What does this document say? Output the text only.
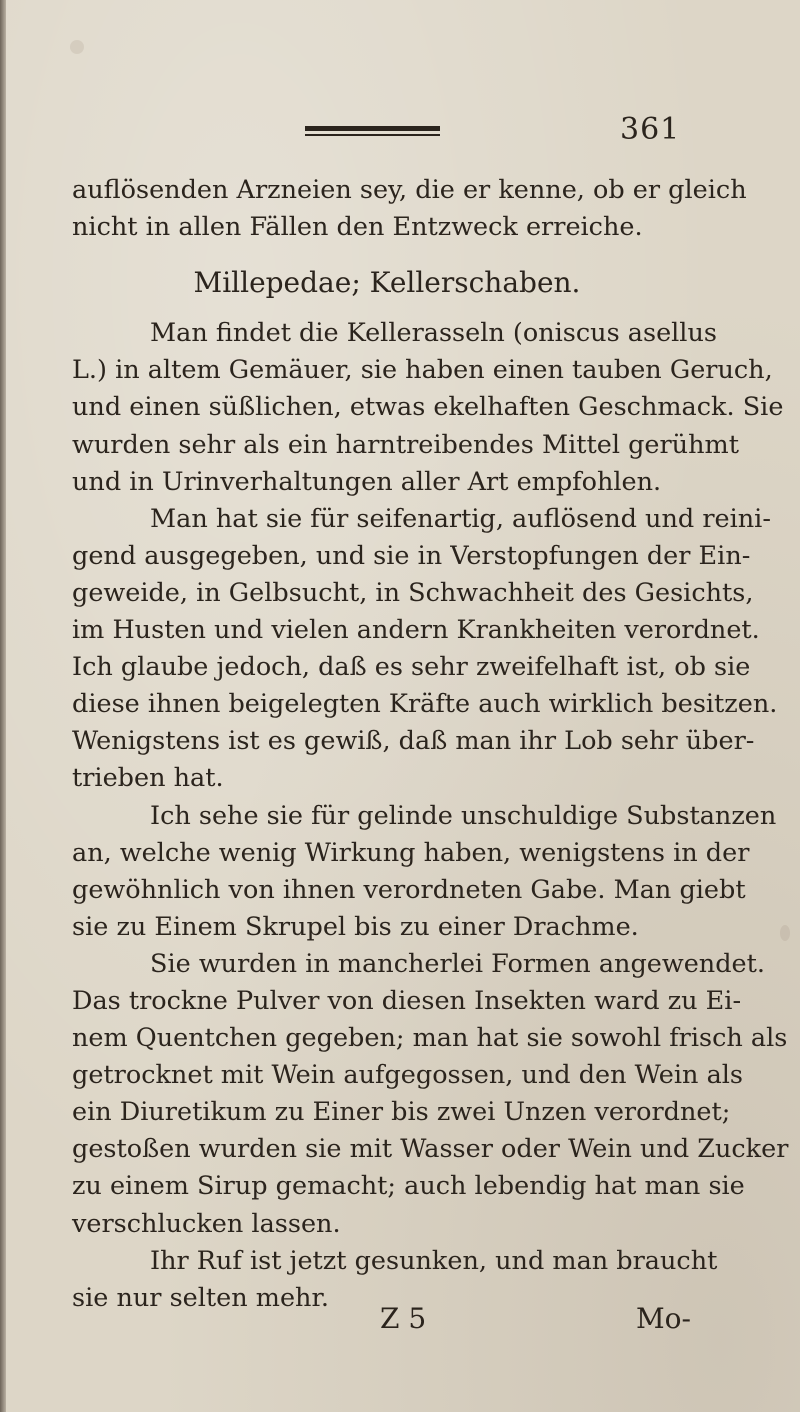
361
auflösenden Arzneien sey, die er kenne, ob er gleich
nicht in allen Fällen den Entzweck erreiche.
Millepedae; Kellerschaben.
Man findet die Kellerasseln (oniscus asellus
L.) in altem Gemäuer, sie haben einen tauben Geruch,
und einen süßlichen, etwas ekelhaften Geschmack. Sie
wurden sehr als ein harntreibendes Mittel gerühmt
und in Urinverhaltungen aller Art empfohlen.
Man hat sie für seifenartig, auflösend und reini-
gend ausgegeben, und sie in Verstopfungen der Ein-
geweide, in Gelbsucht, in Schwachheit des Gesichts,
im Husten und vielen andern Krankheiten verordnet.
Ich glaube jedoch, daß es sehr zweifelhaft ist, ob sie
diese ihnen beigelegten Kräfte auch wirklich besitzen.
Wenigstens ist es gewiß, daß man ihr Lob sehr über-
trieben hat.
Ich sehe sie für gelinde unschuldige Substanzen
an, welche wenig Wirkung haben, wenigstens in der
gewöhnlich von ihnen verordneten Gabe. Man giebt
sie zu Einem Skrupel bis zu einer Drachme.
Sie wurden in mancherlei Formen angewendet.
Das trockne Pulver von diesen Insekten ward zu Ei-
nem Quentchen gegeben; man hat sie sowohl frisch als
getrocknet mit Wein aufgegossen, und den Wein als
ein Diuretikum zu Einer bis zwei Unzen verordnet;
gestoßen wurden sie mit Wasser oder Wein und Zucker
zu einem Sirup gemacht; auch lebendig hat man sie
verschlucken lassen.
Ihr Ruf ist jetzt gesunken, und man braucht
sie nur selten mehr.
Z 5	Mo-
